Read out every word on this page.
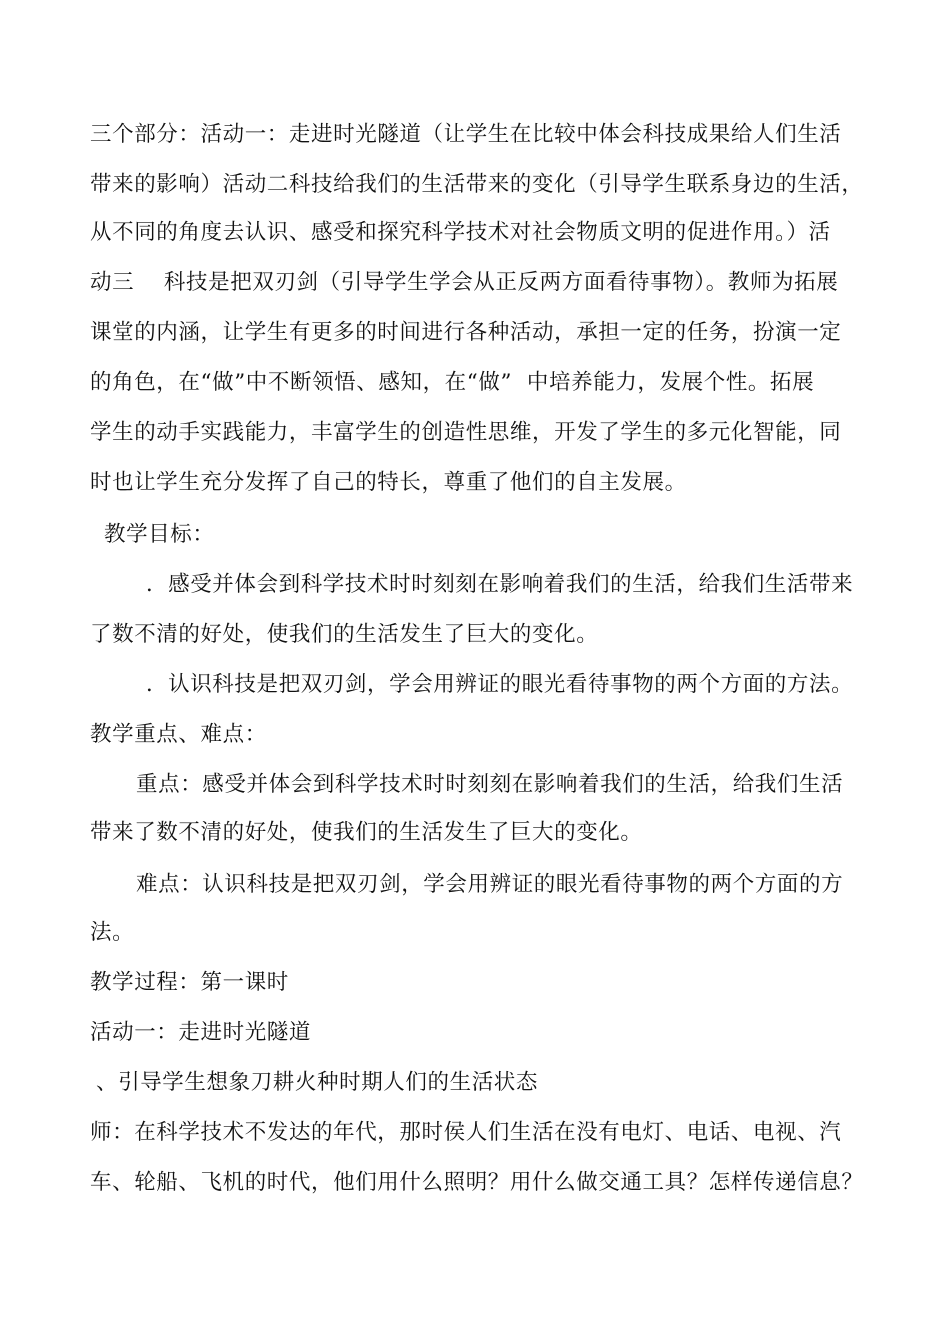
三个部分：活动一：走进时光隧道（让学生在比较中体会科技成果给人们生活
带来的影响）活动二科技给我们的生活带来的变化（引导学生联系身边的生活，
从不同的角度去认识、感受和探究科学技术对社会物质文明的促进作用。）活
动三    科技是把双刃剑（引导学生学会从正反两方面看待事物）。教师为拓展
课堂的内涵，让学生有更多的时间进行各种活动，承担一定的任务，扮演一定
的角色，在“做”中不断领悟、感知，在“做”  中培养能力，发展个性。拓展
学生的动手实践能力，丰富学生的创造性思维，开发了学生的多元化智能，同
时也让学生充分发挥了自己的特长，尊重了他们的自主发展。
教学目标：
．感受并体会到科学技术时时刻刻在影响着我们的生活，给我们生活带来
了数不清的好处，使我们的生活发生了巨大的变化。
．认识科技是把双刃剑，学会用辨证的眼光看待事物的两个方面的方法。
教学重点、难点：
重点：感受并体会到科学技术时时刻刻在影响着我们的生活，给我们生活
带来了数不清的好处，使我们的生活发生了巨大的变化。
难点：认识科技是把双刃剑，学会用辨证的眼光看待事物的两个方面的方
法。
教学过程：第一课时
活动一：走进时光隧道
、引导学生想象刀耕火种时期人们的生活状态
师：在科学技术不发达的年代，那时侯人们生活在没有电灯、电话、电视、汽
车、轮船、飞机的时代，他们用什么照明？用什么做交通工具？怎样传递信息？
